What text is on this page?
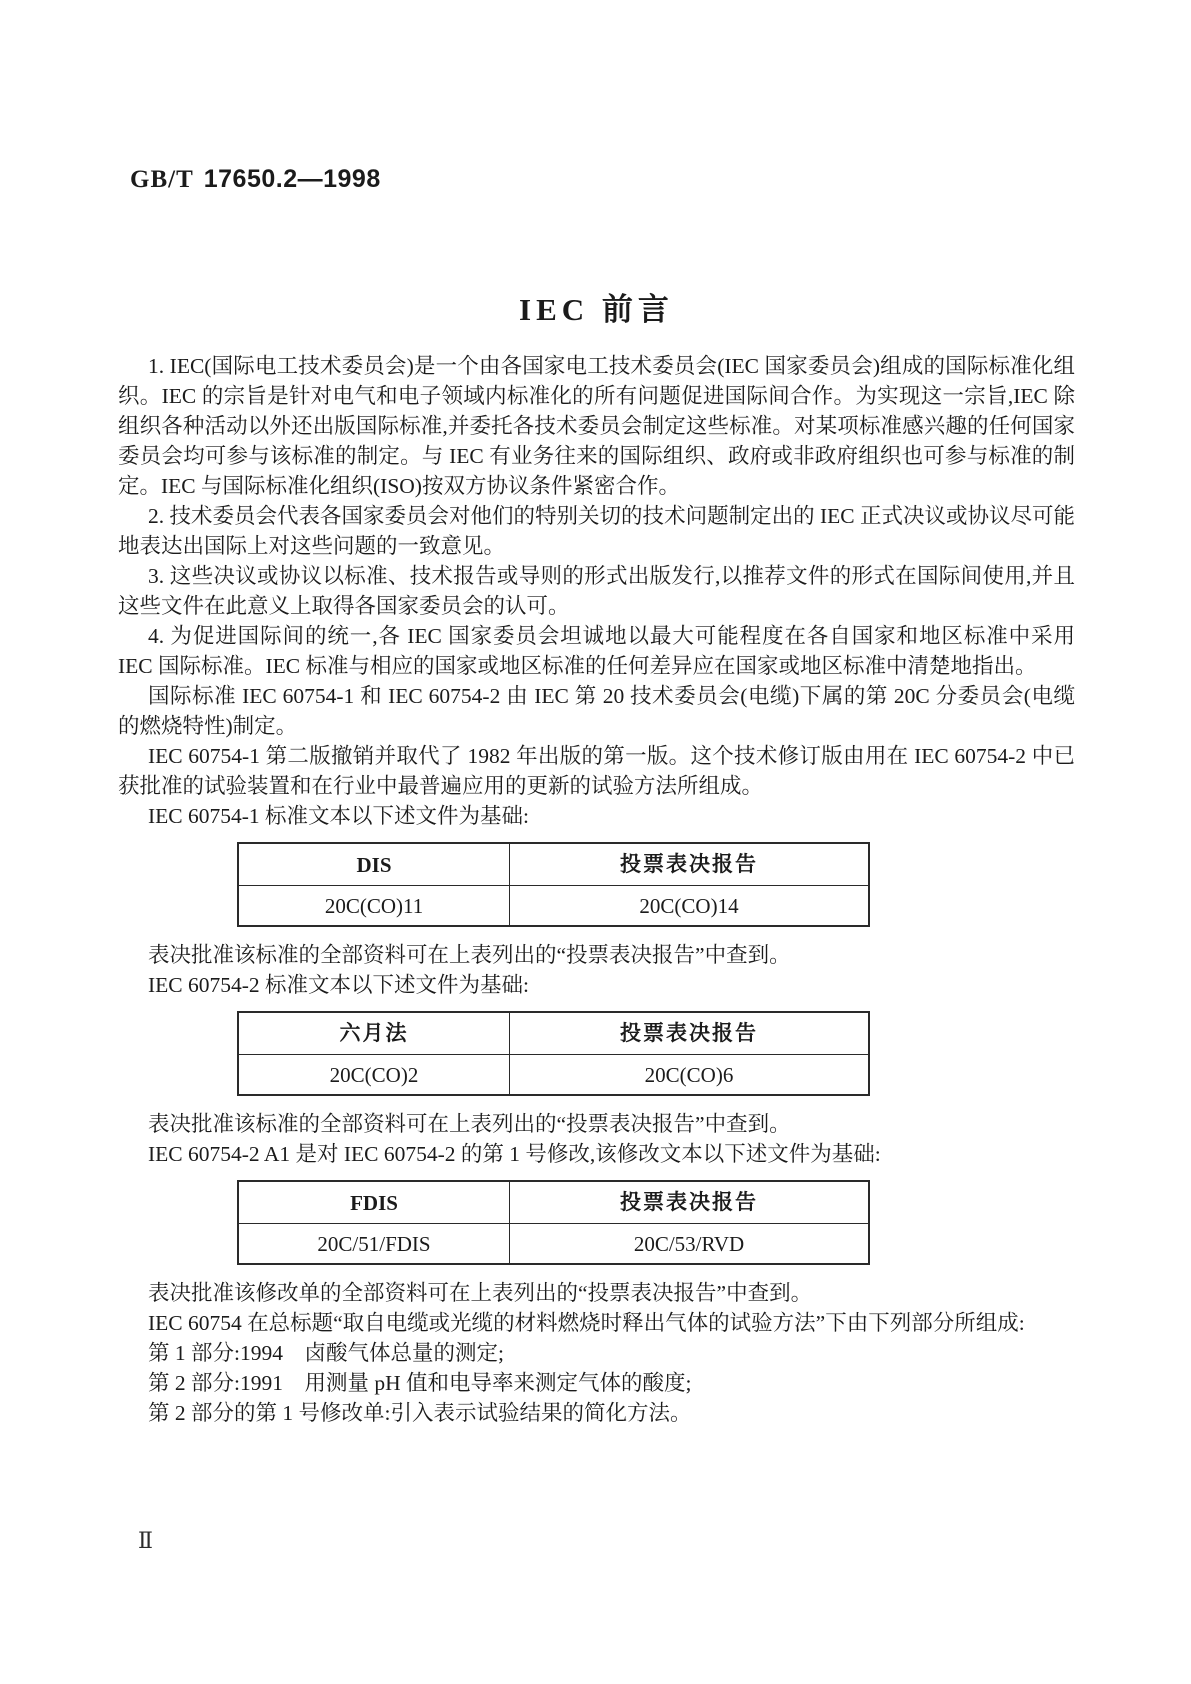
GB/T 17650.2—1998
IEC 前言

1. IEC(国际电工技术委员会)是一个由各国家电工技术委员会(IEC 国家委员会)组成的国际标准化组织。IEC 的宗旨是针对电气和电子领域内标准化的所有问题促进国际间合作。为实现这一宗旨,IEC 除组织各种活动以外还出版国际标准,并委托各技术委员会制定这些标准。对某项标准感兴趣的任何国家委员会均可参与该标准的制定。与 IEC 有业务往来的国际组织、政府或非政府组织也可参与标准的制定。IEC 与国际标准化组织(ISO)按双方协议条件紧密合作。

2. 技术委员会代表各国家委员会对他们的特别关切的技术问题制定出的 IEC 正式决议或协议尽可能地表达出国际上对这些问题的一致意见。

3. 这些决议或协议以标准、技术报告或导则的形式出版发行,以推荐文件的形式在国际间使用,并且这些文件在此意义上取得各国家委员会的认可。

4. 为促进国际间的统一,各 IEC 国家委员会坦诚地以最大可能程度在各自国家和地区标准中采用 IEC 国际标准。IEC 标准与相应的国家或地区标准的任何差异应在国家或地区标准中清楚地指出。

国际标准 IEC 60754-1 和 IEC 60754-2 由 IEC 第 20 技术委员会(电缆)下属的第 20C 分委员会(电缆的燃烧特性)制定。

IEC 60754-1 第二版撤销并取代了 1982 年出版的第一版。这个技术修订版由用在 IEC 60754-2 中已获批准的试验装置和在行业中最普遍应用的更新的试验方法所组成。

IEC 60754-1 标准文本以下述文件为基础:

DIS	投票表决报告
20C(CO)11	20C(CO)14

表决批准该标准的全部资料可在上表列出的“投票表决报告”中查到。

IEC 60754-2 标准文本以下述文件为基础:

六月法	投票表决报告
20C(CO)2	20C(CO)6

表决批准该标准的全部资料可在上表列出的“投票表决报告”中查到。

IEC 60754-2 A1 是对 IEC 60754-2 的第 1 号修改,该修改文本以下述文件为基础:

FDIS	投票表决报告
20C/51/FDIS	20C/53/RVD

表决批准该修改单的全部资料可在上表列出的“投票表决报告”中查到。

IEC 60754 在总标题“取自电缆或光缆的材料燃烧时释出气体的试验方法”下由下列部分所组成:

第 1 部分:1994　卤酸气体总量的测定;

第 2 部分:1991　用测量 pH 值和电导率来测定气体的酸度;

第 2 部分的第 1 号修改单:引入表示试验结果的简化方法。

Ⅱ
